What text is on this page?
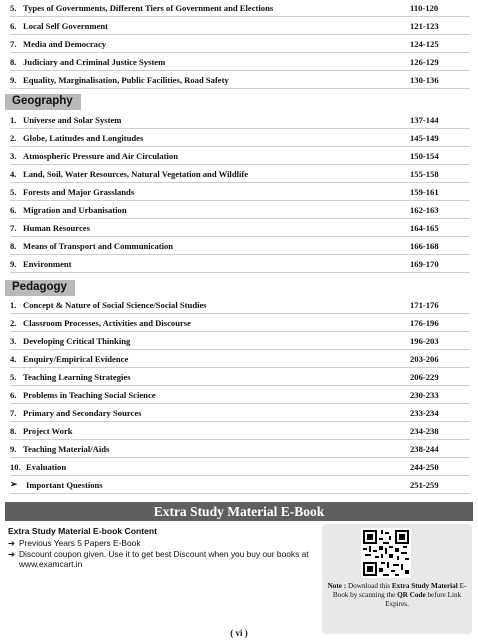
5. Types of Governments, Different Tiers of Government and Elections	110-120
6. Local Self Government	121-123
7. Media and Democracy	124-125
8. Judiciary and Criminal Justice System	126-129
9. Equality, Marginalisation, Public Facilities, Road Safety	130-136
Geography
1. Universe and Solar System	137-144
2. Globe, Latitudes and Longitudes	145-149
3. Atmospheric Pressure and Air Circulation	150-154
4. Land, Soil, Water Resources, Natural Vegetation and Wildlife	155-158
5. Forests and Major Grasslands	159-161
6. Migration and Urbanisation	162-163
7. Human Resources	164-165
8. Means of Transport and Communication	166-168
9. Environment	169-170
Pedagogy
1. Concept & Nature of Social Science/Social Studies	171-176
2. Classroom Processes, Activities and Discourse	176-196
3. Developing Critical Thinking	196-203
4. Enquiry/Empirical Evidence	203-206
5. Teaching Learning Strategies	206-229
6. Problems in Teaching Social Science	230-233
7. Primary and Secondary Sources	233-234
8. Project Work	234-238
9. Teaching Material/Aids	238-244
10. Evaluation	244-250
➢ Important Questions	251-259
Extra Study Material E-Book
Extra Study Material E-book Content
➔ Previous Years 5 Papers E-Book
➔ Discount coupon given. Use it to get best Discount when you buy our books at www.examcart.in
Note : Download this Extra Study Material E-Book by scanning the QR Code before Link Expires.
( vi )
